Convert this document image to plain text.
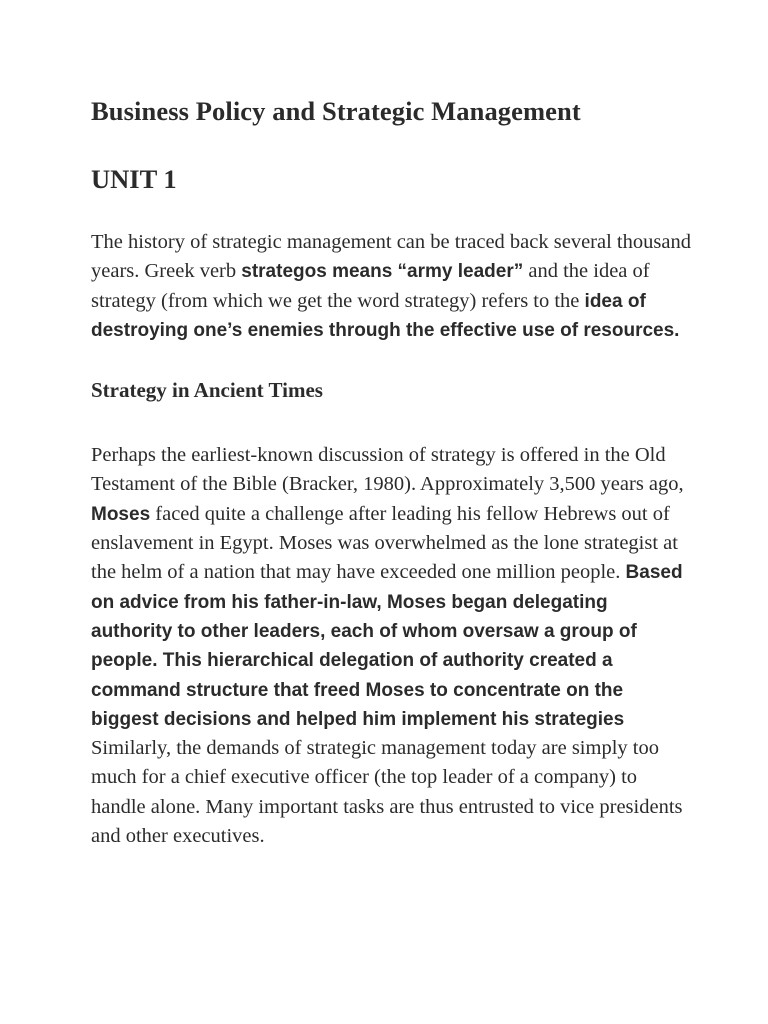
Business Policy and Strategic Management
UNIT 1

The history of strategic management can be traced back several thousand years. Greek verb strategos means “army leader” and the idea of strategy (from which we get the word strategy) refers to the idea of destroying one’s enemies through the effective use of resources.

Strategy in Ancient Times

Perhaps the earliest-known discussion of strategy is offered in the Old Testament of the Bible (Bracker, 1980). Approximately 3,500 years ago, Moses faced quite a challenge after leading his fellow Hebrews out of enslavement in Egypt. Moses was overwhelmed as the lone strategist at the helm of a nation that may have exceeded one million people. Based on advice from his father-in-law, Moses began delegating authority to other leaders, each of whom oversaw a group of people. This hierarchical delegation of authority created a command structure that freed Moses to concentrate on the biggest decisions and helped him implement his strategies Similarly, the demands of strategic management today are simply too much for a chief executive officer (the top leader of a company) to handle alone. Many important tasks are thus entrusted to vice presidents and other executives.
